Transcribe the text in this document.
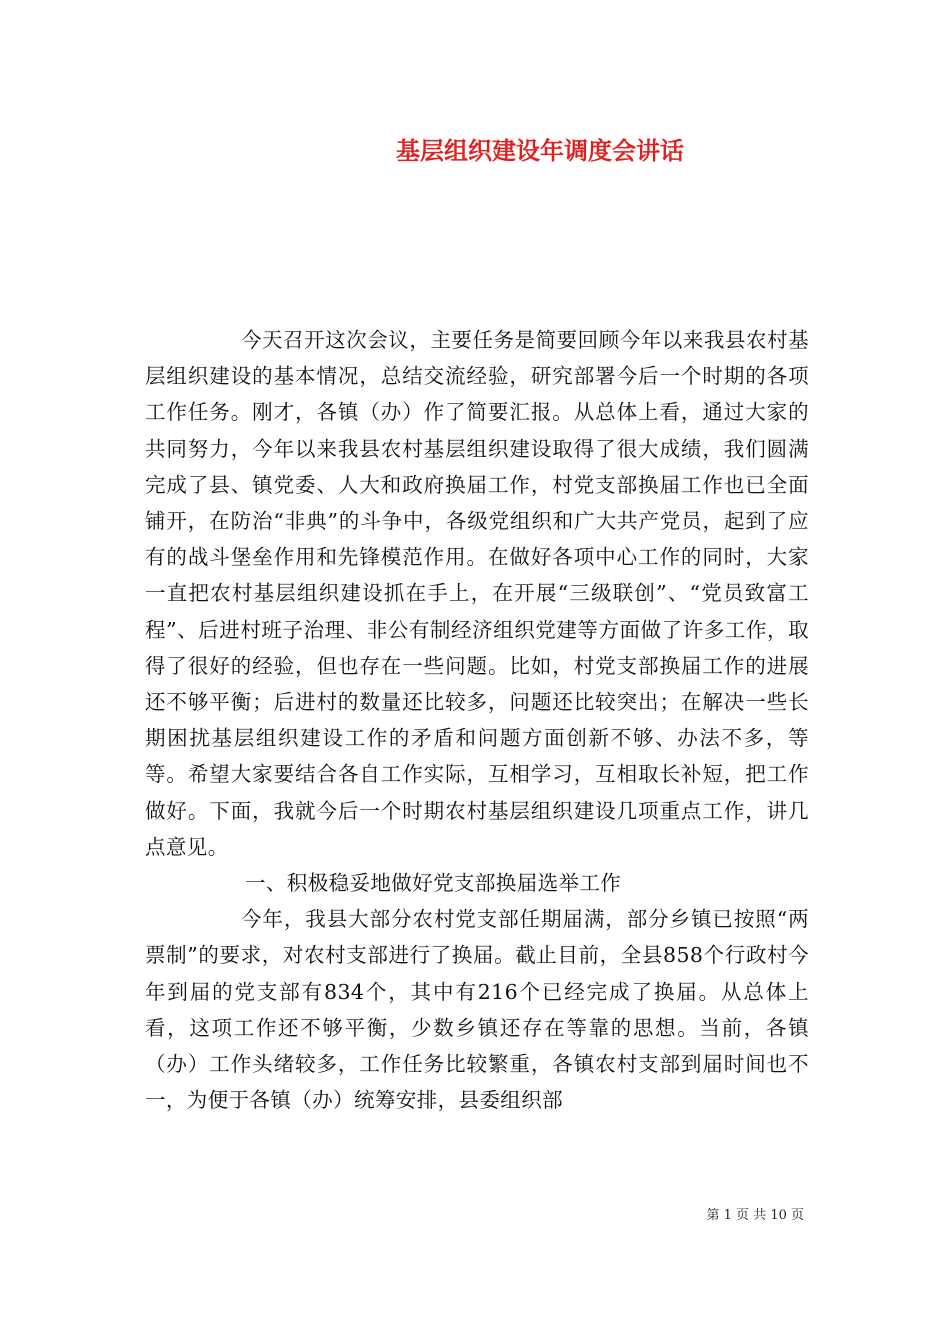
基层组织建设年调度会讲话

今天召开这次会议，主要任务是简要回顾今年以来我县农村基层组织建设的基本情况，总结交流经验，研究部署今后一个时期的各项工作任务。刚才，各镇（办）作了简要汇报。从总体上看，通过大家的共同努力，今年以来我县农村基层组织建设取得了很大成绩，我们圆满完成了县、镇党委、人大和政府换届工作，村党支部换届工作也已全面铺开，在防治“非典”的斗争中，各级党组织和广大共产党员，起到了应有的战斗堡垒作用和先锋模范作用。在做好各项中心工作的同时，大家一直把农村基层组织建设抓在手上，在开展“三级联创”、“党员致富工程”、后进村班子治理、非公有制经济组织党建等方面做了许多工作，取得了很好的经验，但也存在一些问题。比如，村党支部换届工作的进展还不够平衡；后进村的数量还比较多，问题还比较突出；在解决一些长期困扰基层组织建设工作的矛盾和问题方面创新不够、办法不多，等等。希望大家要结合各自工作实际，互相学习，互相取长补短，把工作做好。下面，我就今后一个时期农村基层组织建设几项重点工作，讲几点意见。

一、积极稳妥地做好党支部换届选举工作

今年，我县大部分农村党支部任期届满，部分乡镇已按照“两票制”的要求，对农村支部进行了换届。截止目前，全县858个行政村今年到届的党支部有834个，其中有216个已经完成了换届。从总体上看，这项工作还不够平衡，少数乡镇还存在等靠的思想。当前，各镇（办）工作头绪较多，工作任务比较繁重，各镇农村支部到届时间也不一，为便于各镇（办）统筹安排，县委组织部

第 1 页 共 10 页
